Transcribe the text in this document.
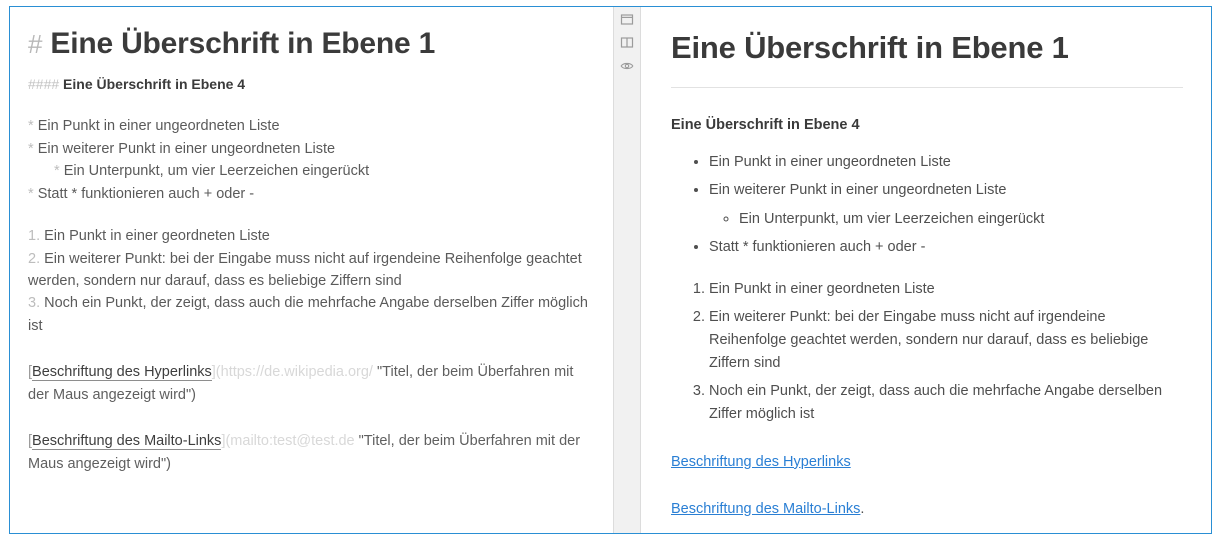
# Eine Überschrift in Ebene 1
#### Eine Überschrift in Ebene 4
* Ein Punkt in einer ungeordneten Liste
* Ein weiterer Punkt in einer ungeordneten Liste
* Ein Unterpunkt, um vier Leerzeichen eingerückt
* Statt * funktionieren auch + oder -
1. Ein Punkt in einer geordneten Liste
2. Ein weiterer Punkt: bei der Eingabe muss nicht auf irgendeine Reihenfolge geachtet werden, sondern nur darauf, dass es beliebige Ziffern sind
3. Noch ein Punkt, der zeigt, dass auch die mehrfache Angabe derselben Ziffer möglich ist
[Beschriftung des Hyperlinks](https://de.wikipedia.org/ "Titel, der beim Überfahren mit der Maus angezeigt wird")
[Beschriftung des Mailto-Links](mailto:test@test.de "Titel, der beim Überfahren mit der Maus angezeigt wird")
Eine Überschrift in Ebene 1
Eine Überschrift in Ebene 4
• Ein Punkt in einer ungeordneten Liste
• Ein weiterer Punkt in einer ungeordneten Liste
◦ Ein Unterpunkt, um vier Leerzeichen eingerückt
• Statt * funktionieren auch + oder -
1. Ein Punkt in einer geordneten Liste
2. Ein weiterer Punkt: bei der Eingabe muss nicht auf irgendeine Reihenfolge geachtet werden, sondern nur darauf, dass es beliebige Ziffern sind
3. Noch ein Punkt, der zeigt, dass auch die mehrfache Angabe derselben Ziffer möglich ist

Beschriftung des Hyperlinks

Beschriftung des Mailto-Links.
